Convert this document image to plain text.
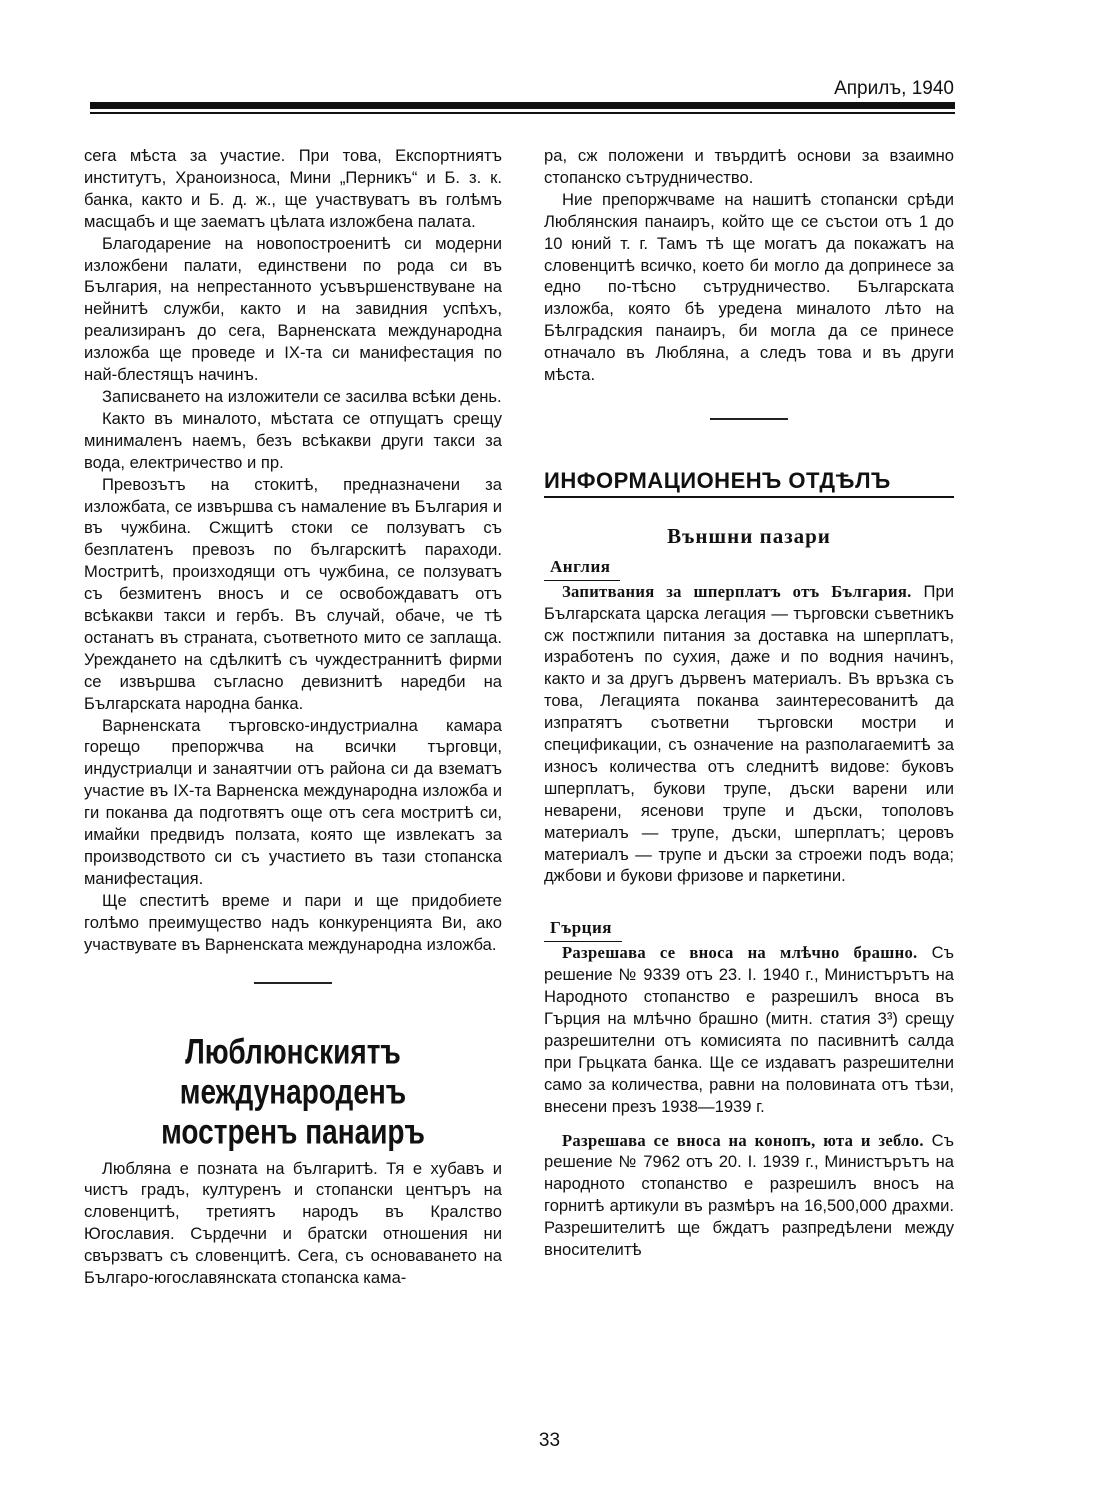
Априлъ, 1940

сега мѣста за участие. При това, Експортниятъ институтъ, Храноизноса, Мини „Перникъ“ и Б. з. к. банка, както и Б. д. ж., ще участвуватъ въ голѣмъ масщабъ и ще заематъ цѣлата изложбена палата.

Благодарение на новопостроенитѣ си модерни изложбени палати, единствени по рода си въ България, на непрестанното усъвършенствуване на нейнитѣ служби, както и на завидния успѣхъ, реализиранъ до сега, Варненската международна изложба ще проведе и IX-та си манифестация по най-блестящъ начинъ.

Записването на изложители се засилва всѣки день.

Както въ миналото, мѣстата се отпущатъ срещу минималенъ наемъ, безъ всѣкакви други такси за вода, електричество и пр.

Превозътъ на стокитѣ, предназначени за изложбата, се извършва съ намаление въ България и въ чужбина. Сжщитѣ стоки се ползуватъ съ безплатенъ превозъ по българскитѣ параходи. Мостритѣ, произходящи отъ чужбина, се ползуватъ съ безмитенъ вносъ и се освобождаватъ отъ всѣкакви такси и гербъ. Въ случай, обаче, че тѣ останатъ въ страната, съответното мито се заплаща. Уреждането на сдѣлкитѣ съ чуждестраннитѣ фирми се извършва съгласно девизнитѣ наредби на Българската народна банка.

Варненската търговско-индустриална камара горещо препоржчва на всички търговци, индустриалци и занаятчии отъ района си да взематъ участие въ IX-та Варненска международна изложба и ги поканва да подготвятъ още отъ сега мостритѣ си, имайки предвидъ ползата, която ще извлекатъ за производството си съ участието въ тази стопанска манифестация.

Ще спеститѣ време и пари и ще придобиете голѣмо преимущество надъ конкуренцията Ви, ако участвувате въ Варненската международна изложба.

Люблюнскиятъ международенъ
мостренъ панаиръ

Любляна е позната на българитѣ. Тя е хубавъ и чистъ градъ, културенъ и стопански центъръ на словенцитѣ, третиятъ народъ въ Кралство Югославия. Сърдечни и братски отношения ни свързватъ съ словенцитѣ. Сега, съ основаването на Българо-югославянската стопанска кама-

ра, сж положени и твърдитѣ основи за взаимно стопанско сътрудничество.

Ние препоржчваме на нашитѣ стопански срѣди Люблянския панаиръ, който ще се състои отъ 1 до 10 юний т. г. Тамъ тѣ ще могатъ да покажатъ на словенцитѣ всичко, което би могло да допринесе за едно по-тѣсно сътрудничество. Българската изложба, която бѣ уредена миналото лѣто на Бѣлградския панаиръ, би могла да се принесе отначало въ Любляна, а следъ това и въ други мѣста.

ИНФОРМАЦИОНЕНЪ ОТДѢЛЪ
Външни пазари
Англия

Запитвания за шперплатъ отъ България. При Българската царска легация — търговски съветникъ сж постжпили питания за доставка на шперплатъ, изработенъ по сухия, даже и по водния начинъ, както и за другъ дървенъ материалъ. Въ връзка съ това, Легацията поканва заинтересованитѣ да изпратятъ съответни търговски мостри и спецификации, съ означение на разполагаемитѣ за износъ количества отъ следнитѣ видове: буковъ шперплатъ, букови трупе, дъски варени или неварени, ясенови трупе и дъски, тополовъ материалъ — трупе, дъски, шперплатъ; церовъ материалъ — трупе и дъски за строежи подъ вода; джбови и букови фризове и паркетини.

Гърция

Разрешава се вноса на млѣчно брашно. Съ решение № 9339 отъ 23. I. 1940 г., Министърътъ на Народното стопанство е разрешилъ вноса въ Гърция на млѣчно брашно (митн. статия 3³) срещу разрешителни отъ комисията по пасивнитѣ салда при Грьцката банка. Ще се издаватъ разрешителни само за количества, равни на половината отъ тѣзи, внесени презъ 1938—1939 г.

Разрешава се вноса на конопъ, юта и зебло. Съ решение № 7962 отъ 20. I. 1939 г., Министърътъ на народното стопанство е разрешилъ вносъ на горнитѣ артикули въ размѣръ на 16,500,000 драхми. Разрешителитѣ ще бждатъ разпредѣлени между вносителитѣ

33
